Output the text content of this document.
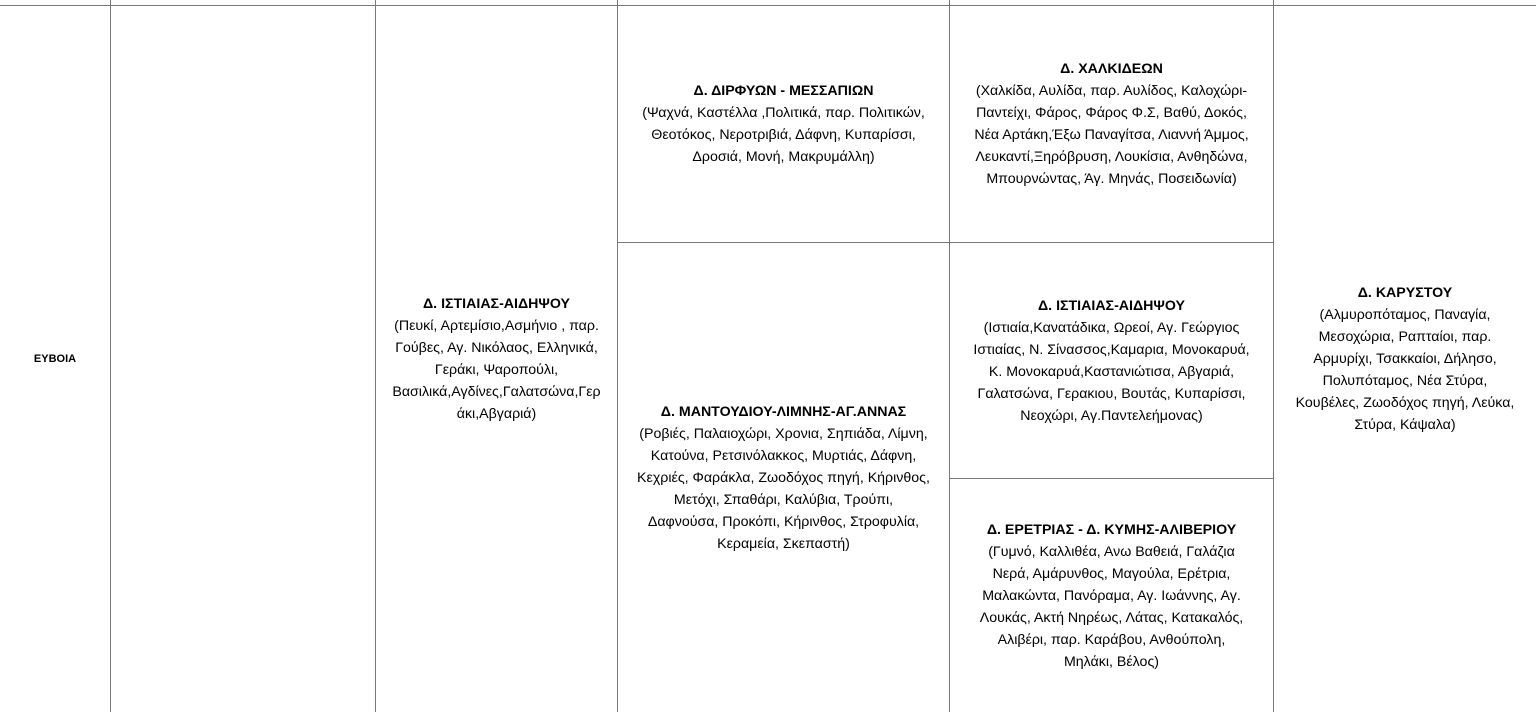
ΕΥΒΟΙΑ
Δ. ΙΣΤΙΑΙΑΣ-ΑΙΔΗΨΟΥ
(Πευκί, Αρτεμίσιο,Ασμήνιο , παρ.
Γούβες, Αγ. Νικόλαος, Ελληνικά,
Γεράκι, Ψαροπούλι,
Βασιλικά,Αγδίνες,Γαλατσώνα,Γερ
άκι,Αβγαριά)
Δ. ΔΙΡΦΥΩΝ - ΜΕΣΣΑΠΙΩΝ
(Ψαχνά, Καστέλλα ,Πολιτικά, παρ. Πολιτικών,
Θεοτόκος, Νεροτριβιά, Δάφνη, Κυπαρίσσι,
Δροσιά, Μονή, Μακρυμάλλη)
Δ. ΜΑΝΤΟΥΔΙΟΥ-ΛΙΜΝΗΣ-ΑΓ.ΑΝΝΑΣ
(Ροβιές, Παλαιοχώρι, Χρονια, Σηπιάδα, Λίμνη,
Κατούνα, Ρετσινόλακκος, Μυρτιάς, Δάφνη,
Κεχριές, Φαράκλα, Ζωοδόχος πηγή, Κήρινθος,
Μετόχι, Σπαθάρι, Καλύβια, Τρούπι,
Δαφνούσα, Προκόπι, Κήρινθος, Στροφυλία,
Κεραμεία, Σκεπαστή)
Δ. ΧΑΛΚΙΔΕΩΝ
(Χαλκίδα, Αυλίδα, παρ. Αυλίδος, Καλοχώρι-
Παντείχι, Φάρος, Φάρος Φ.Σ, Βαθύ, Δοκός,
Νέα Αρτάκη,Έξω Παναγίτσα, Λιαννή Άμμος,
Λευκαντί,Ξηρόβρυση, Λουκίσια, Ανθηδώνα,
Μπουρνώντας, Άγ. Μηνάς, Ποσειδωνία)
Δ. ΙΣΤΙΑΙΑΣ-ΑΙΔΗΨΟΥ
(Ιστιαία,Κανατάδικα, Ωρεοί, Αγ. Γεώργιος
Ιστιαίας, Ν. Σίνασσος,Καμαρια, Μονοκαρυά,
Κ. Μονοκαρυά,Καστανιώτισα, Αβγαριά,
Γαλατσώνα, Γερακιου, Βουτάς, Κυπαρίσσι,
Νεοχώρι, Αγ.Παντελεήμονας)
Δ. ΕΡΕΤΡΙΑΣ - Δ. ΚΥΜΗΣ-ΑΛΙΒΕΡΙΟΥ
(Γυμνό, Καλλιθέα, Ανω Βαθειά, Γαλάζια
Νερά, Αμάρυνθος, Μαγούλα, Ερέτρια,
Μαλακώντα, Πανόραμα, Αγ. Ιωάννης, Αγ.
Λουκάς, Ακτή Νηρέως, Λάτας, Κατακαλός,
Αλιβέρι, παρ. Καράβου, Ανθούπολη,
Μηλάκι, Βέλος)
Δ. ΚΑΡΥΣΤΟΥ
(Αλμυροπόταμος, Παναγία,
Μεσοχώρια, Ραπταίοι, παρ.
Αρμυρίχι, Τσακκαίοι, Δήλησο,
Πολυπόταμος, Νέα Στύρα,
Κουβέλες, Ζωοδόχος πηγή, Λεύκα,
Στύρα, Κάψαλα)
